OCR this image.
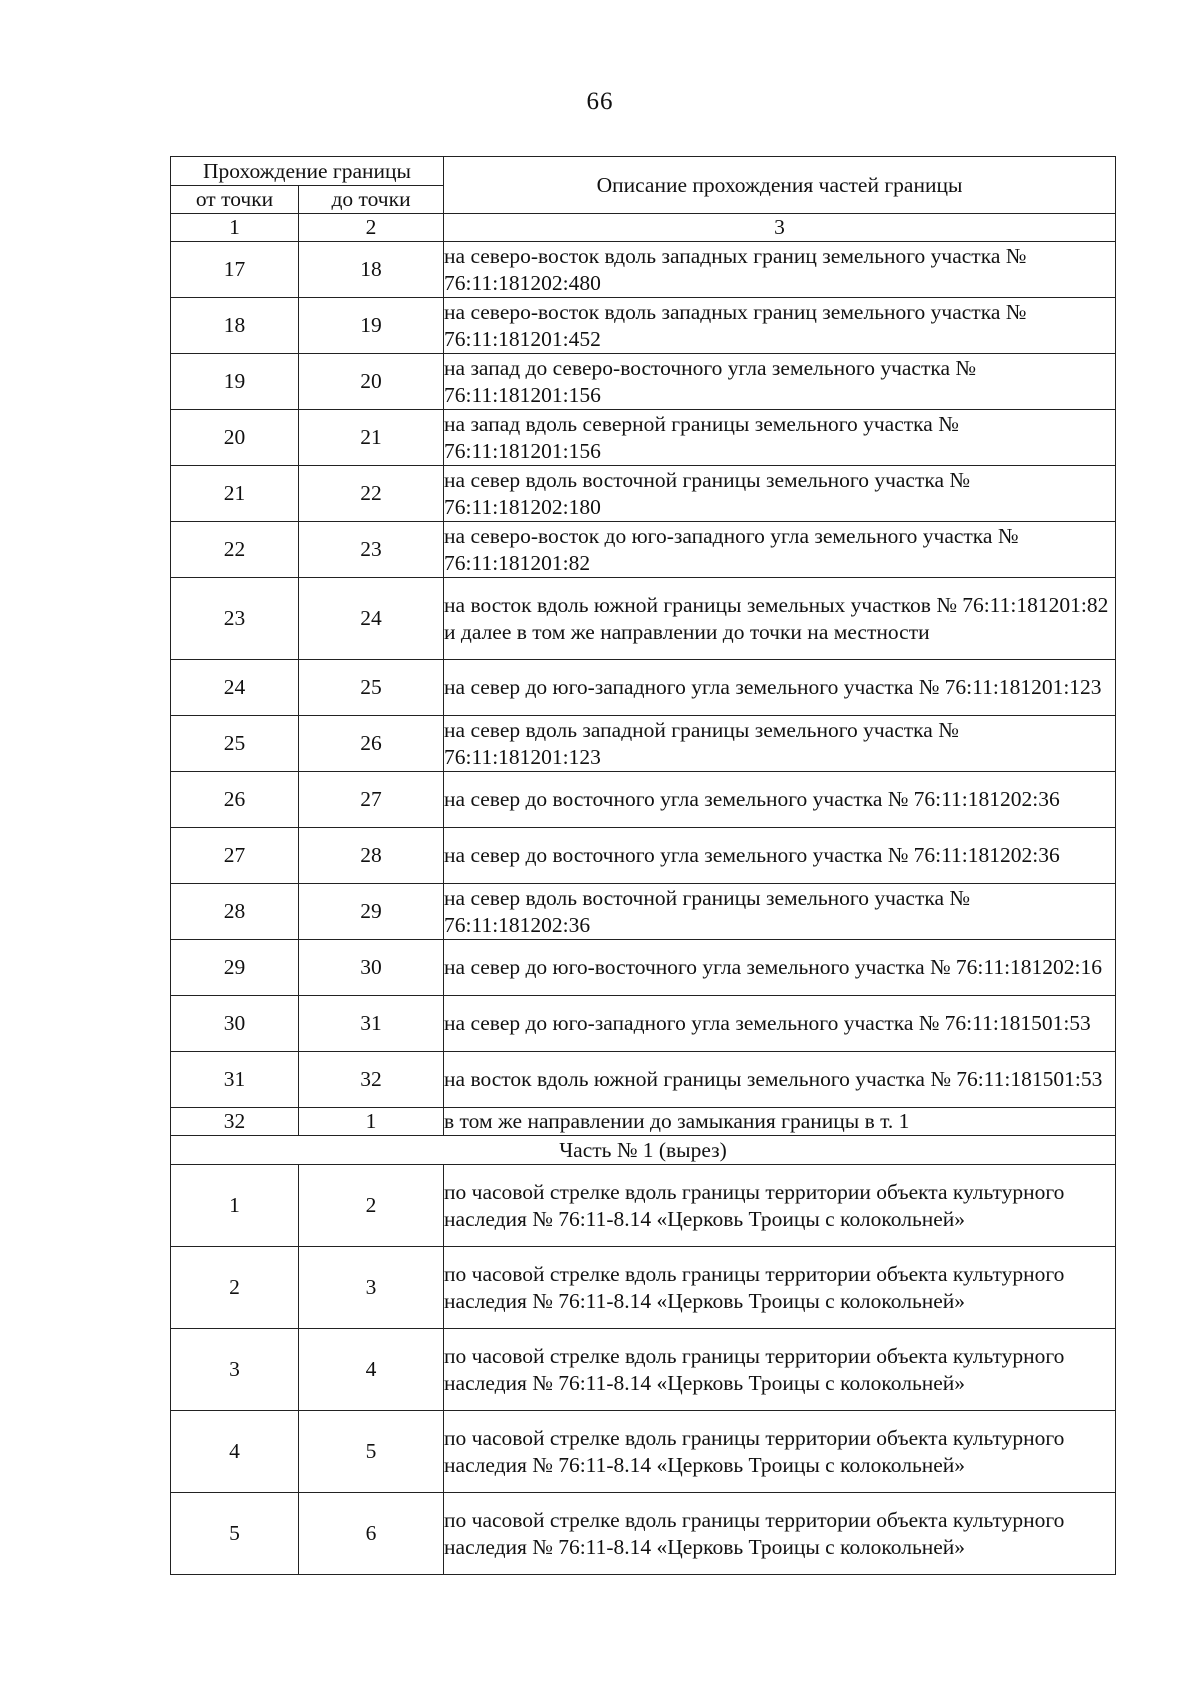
66
Прохождение границы		Описание прохождения частей границы
от точки	до точки	
1	2	3
17	18	на северо-восток вдоль западных границ земельного участка № 76:11:181202:480
18	19	на северо-восток вдоль западных границ земельного участка № 76:11:181201:452
19	20	на запад до северо-восточного угла земельного участка № 76:11:181201:156
20	21	на запад вдоль северной границы земельного участка № 76:11:181201:156
21	22	на север вдоль восточной границы земельного участка № 76:11:181202:180
22	23	на северо-восток до юго-западного угла земельного участка № 76:11:181201:82
23	24	на восток вдоль южной границы земельных участков № 76:11:181201:82 и далее в том же направлении до точки на местности
24	25	на север до юго-западного угла земельного участка № 76:11:181201:123
25	26	на север вдоль западной границы земельного участка № 76:11:181201:123
26	27	на север до восточного угла земельного участка № 76:11:181202:36
27	28	на север до восточного угла земельного участка № 76:11:181202:36
28	29	на север вдоль восточной границы земельного участка № 76:11:181202:36
29	30	на север до юго-восточного угла земельного участка № 76:11:181202:16
30	31	на север до юго-западного угла земельного участка № 76:11:181501:53
31	32	на восток вдоль южной границы земельного участка № 76:11:181501:53
32	1	в том же направлении до замыкания границы в т. 1
Часть № 1 (вырез)		
1	2	по часовой стрелке вдоль границы территории объекта культурного наследия № 76:11-8.14 «Церковь Троицы с колокольней»
2	3	по часовой стрелке вдоль границы территории объекта культурного наследия № 76:11-8.14 «Церковь Троицы с колокольней»
3	4	по часовой стрелке вдоль границы территории объекта культурного наследия № 76:11-8.14 «Церковь Троицы с колокольней»
4	5	по часовой стрелке вдоль границы территории объекта культурного наследия № 76:11-8.14 «Церковь Троицы с колокольней»
5	6	по часовой стрелке вдоль границы территории объекта культурного наследия № 76:11-8.14 «Церковь Троицы с колокольней»
